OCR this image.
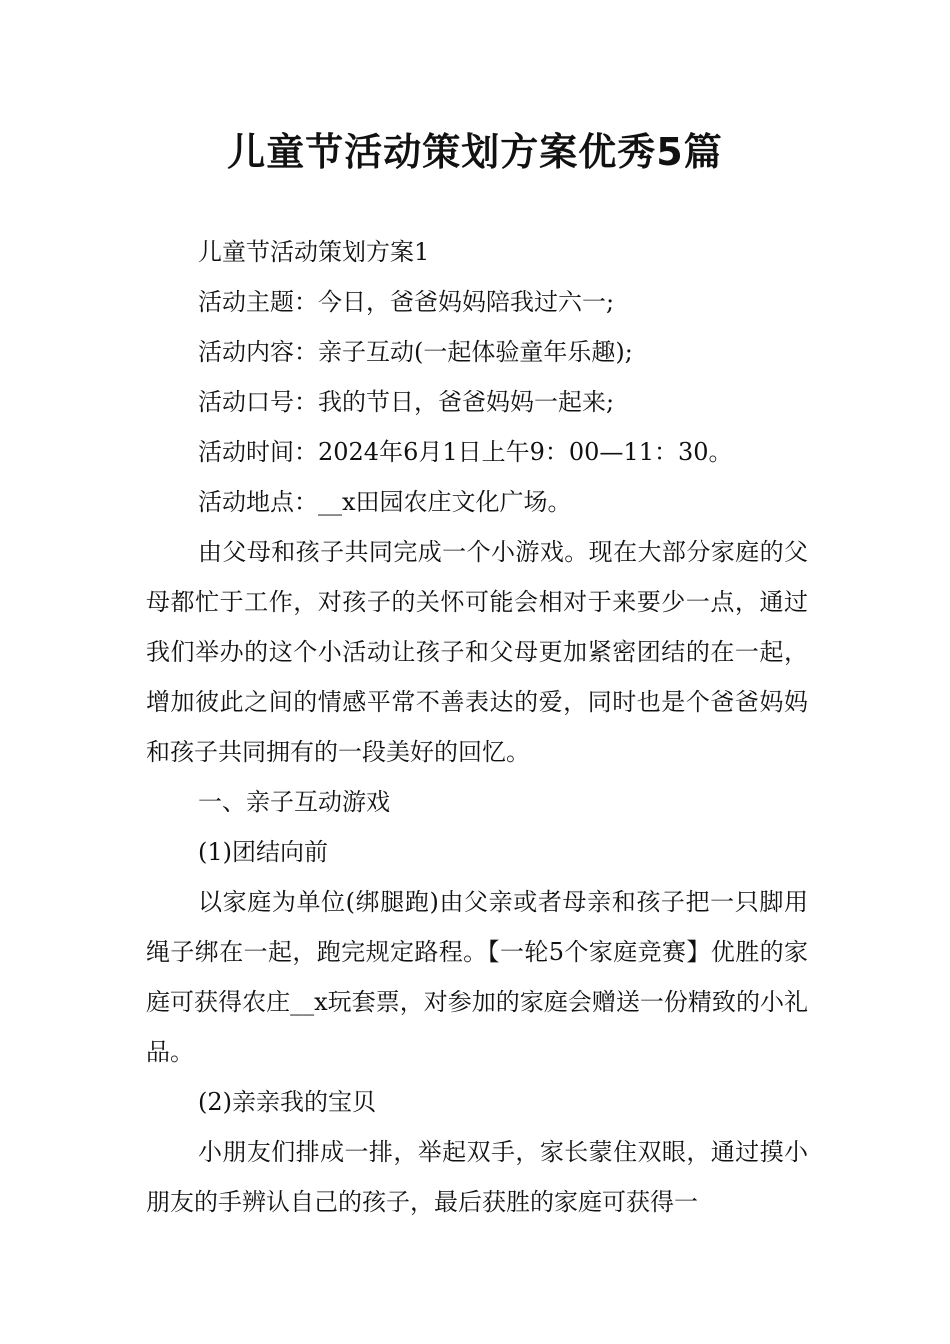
儿童节活动策划方案优秀5篇

儿童节活动策划方案1

活动主题：今日，爸爸妈妈陪我过六一;

活动内容：亲子互动(一起体验童年乐趣);

活动口号：我的节日，爸爸妈妈一起来;

活动时间：2024年6月1日上午9：00—11：30。

活动地点：__x田园农庄文化广场。

由父母和孩子共同完成一个小游戏。现在大部分家庭的父母都忙于工作，对孩子的关怀可能会相对于来要少一点，通过我们举办的这个小活动让孩子和父母更加紧密团结的在一起，增加彼此之间的情感平常不善表达的爱，同时也是个爸爸妈妈和孩子共同拥有的一段美好的回忆。

一、亲子互动游戏

(1)团结向前

以家庭为单位(绑腿跑)由父亲或者母亲和孩子把一只脚用绳子绑在一起，跑完规定路程。【一轮5个家庭竞赛】优胜的家庭可获得农庄__x玩套票，对参加的家庭会赠送一份精致的小礼品。

(2)亲亲我的宝贝

小朋友们排成一排，举起双手，家长蒙住双眼，通过摸小朋友的手辨认自己的孩子，最后获胜的家庭可获得一
